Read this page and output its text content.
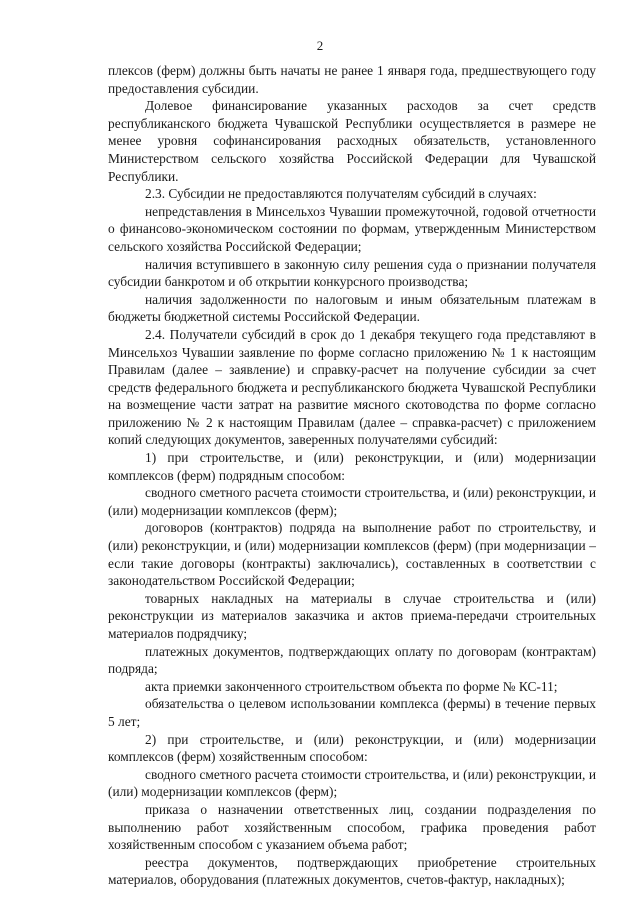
2

плексов (ферм) должны быть начаты не ранее 1 января года, предшествующего году предоставления субсидии.

Долевое финансирование указанных расходов за счет средств республиканского бюджета Чувашской Республики осуществляется в размере не менее уровня софинансирования расходных обязательств, установленного Министерством сельского хозяйства Российской Федерации для Чувашской Республики.

2.3. Субсидии не предоставляются получателям субсидий в случаях:

непредставления в Минсельхоз Чувашии промежуточной, годовой отчетности о финансово-экономическом состоянии по формам, утвержденным Министерством сельского хозяйства Российской Федерации;

наличия вступившего в законную силу решения суда о признании получателя субсидии банкротом и об открытии конкурсного производства;

наличия задолженности по налоговым и иным обязательным платежам в бюджеты бюджетной системы Российской Федерации.

2.4. Получатели субсидий в срок до 1 декабря текущего года представляют в Минсельхоз Чувашии заявление по форме согласно приложению № 1 к настоящим Правилам (далее – заявление) и справку-расчет на получение субсидии за счет средств федерального бюджета и республиканского бюджета Чувашской Республики на возмещение части затрат на развитие мясного скотоводства по форме согласно приложению № 2 к настоящим Правилам (далее – справка-расчет) с приложением копий следующих документов, заверенных получателями субсидий:

1) при строительстве, и (или) реконструкции, и (или) модернизации комплексов (ферм) подрядным способом:

сводного сметного расчета стоимости строительства, и (или) реконструкции, и (или) модернизации комплексов (ферм);

договоров (контрактов) подряда на выполнение работ по строительству, и (или) реконструкции, и (или) модернизации комплексов (ферм) (при модернизации – если такие договоры (контракты) заключались), составленных в соответствии с законодательством Российской Федерации;

товарных накладных на материалы в случае строительства и (или) реконструкции из материалов заказчика и актов приема-передачи строительных материалов подрядчику;

платежных документов, подтверждающих оплату по договорам (контрактам) подряда;

акта приемки законченного строительством объекта по форме № КС-11;

обязательства о целевом использовании комплекса (фермы) в течение первых 5 лет;

2) при строительстве, и (или) реконструкции, и (или) модернизации комплексов (ферм) хозяйственным способом:

сводного сметного расчета стоимости строительства, и (или) реконструкции, и (или) модернизации комплексов (ферм);

приказа о назначении ответственных лиц, создании подразделения по выполнению работ хозяйственным способом, графика проведения работ хозяйственным способом с указанием объема работ;

реестра документов, подтверждающих приобретение строительных материалов, оборудования (платежных документов, счетов-фактур, накладных);
